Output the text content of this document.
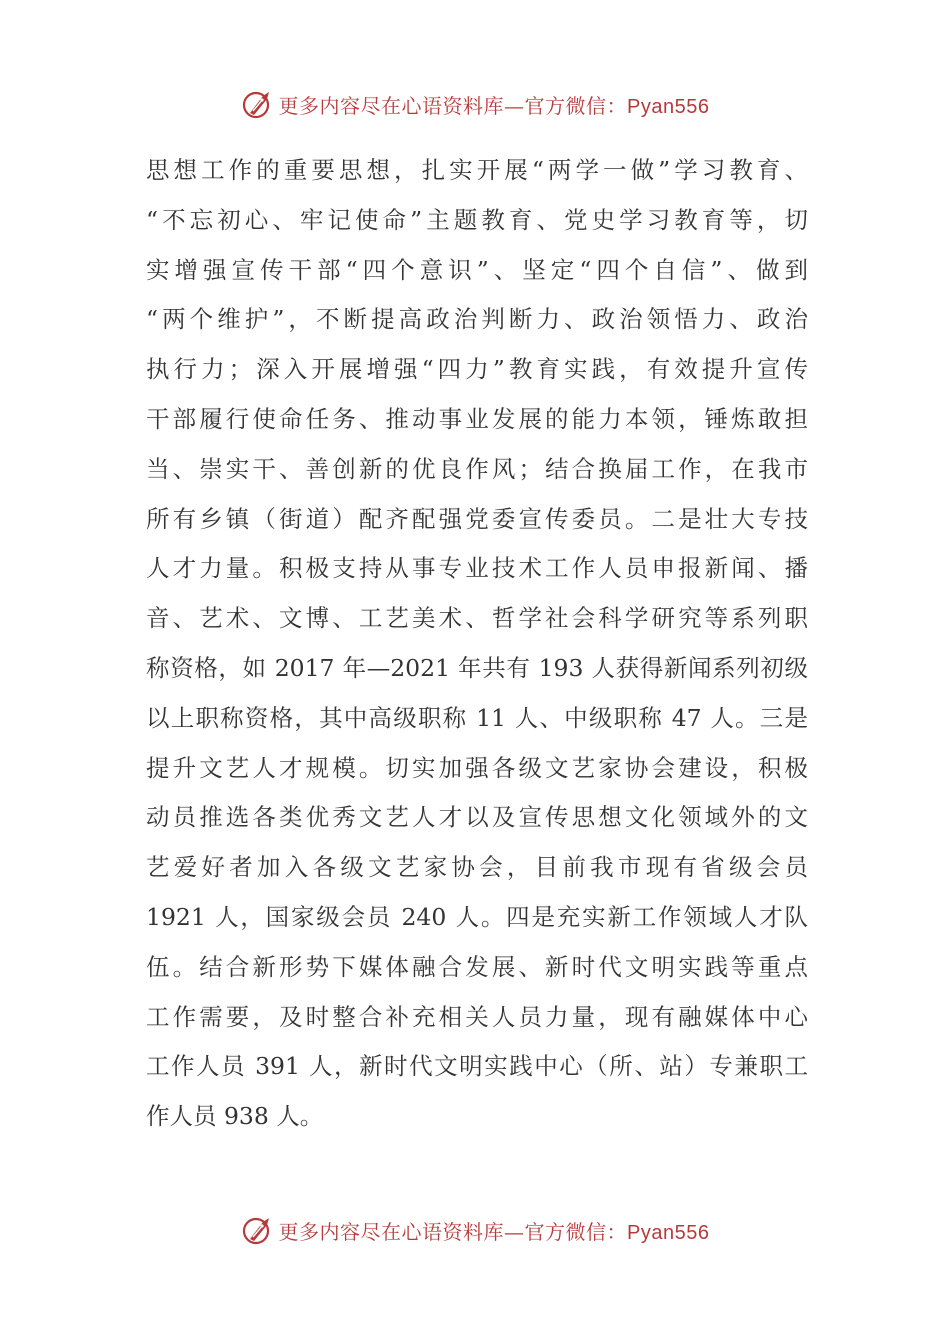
更多内容尽在心语资料库—官方微信：Pyan556
思想工作的重要思想，扎实开展“两学一做”学习教育、
“不忘初心、牢记使命”主题教育、党史学习教育等，切
实增强宣传干部“四个意识”、坚定“四个自信”、做到
“两个维护”，不断提高政治判断力、政治领悟力、政治
执行力；深入开展增强“四力”教育实践，有效提升宣传
干部履行使命任务、推动事业发展的能力本领，锤炼敢担
当、崇实干、善创新的优良作风；结合换届工作，在我市
所有乡镇（街道）配齐配强党委宣传委员。二是壮大专技
人才力量。积极支持从事专业技术工作人员申报新闻、播
音、艺术、文博、工艺美术、哲学社会科学研究等系列职
称资格，如 2017 年—2021 年共有 193 人获得新闻系列初级
以上职称资格，其中高级职称 11 人、中级职称 47 人。三是
提升文艺人才规模。切实加强各级文艺家协会建设，积极
动员推选各类优秀文艺人才以及宣传思想文化领域外的文
艺爱好者加入各级文艺家协会，目前我市现有省级会员
1921 人，国家级会员 240 人。四是充实新工作领域人才队
伍。结合新形势下媒体融合发展、新时代文明实践等重点
工作需要，及时整合补充相关人员力量，现有融媒体中心
工作人员 391 人，新时代文明实践中心（所、站）专兼职工
作人员 938 人。
更多内容尽在心语资料库—官方微信：Pyan556
